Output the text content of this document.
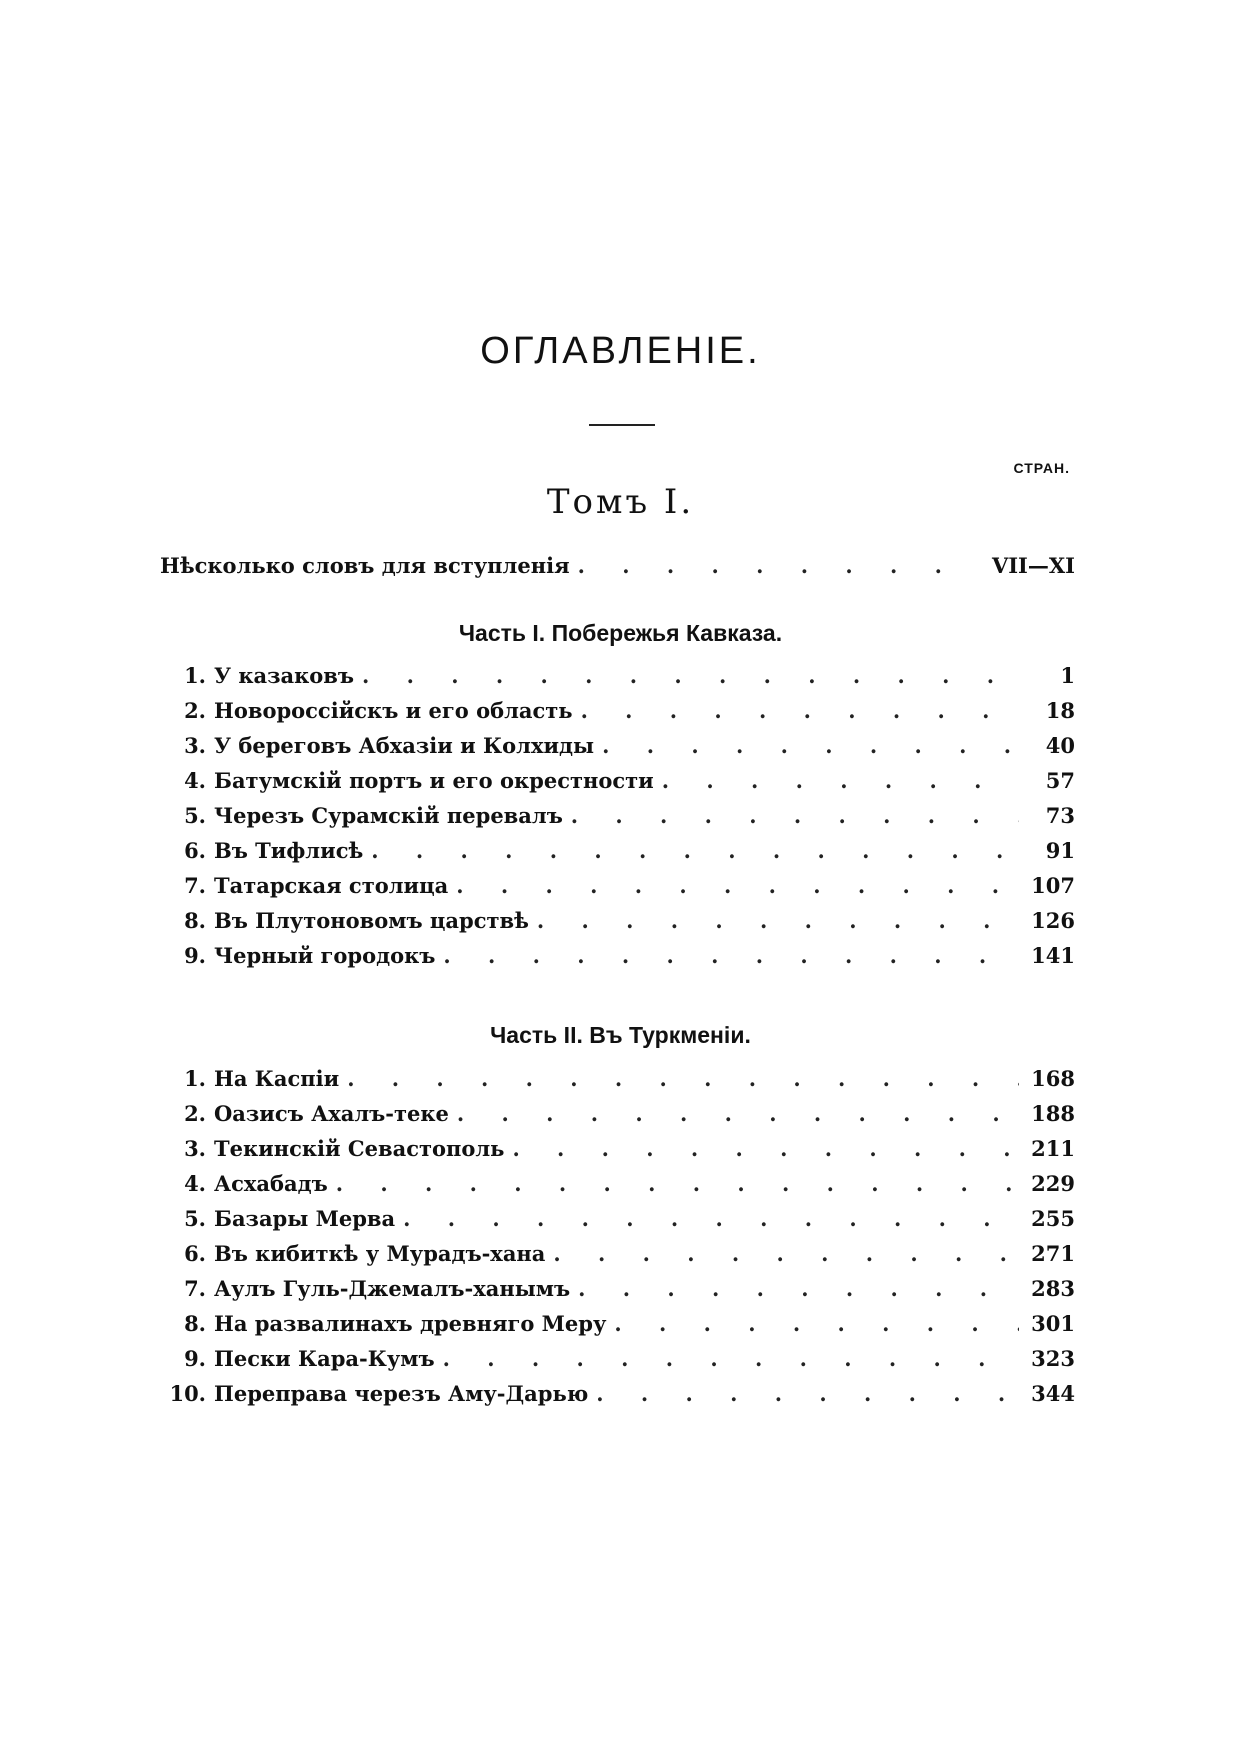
ОГЛАВЛЕНIЕ.
СТРАН.
Томъ I.
Нѣсколько словъ для вступленія . . .	VII—XI
Часть I. Побережья Кавказа.
1. У казаковъ . . .	1
2. Новороссійскъ и его область . . .	18
3. У береговъ Абхазіи и Колхиды . . .	40
4. Батумскій портъ и его окрестности . . .	57
5. Черезъ Сурамскій перевалъ . . .	73
6. Въ Тифлисѣ . . .	91
7. Татарская столица . . .	107
8. Въ Плутоновомъ царствѣ . . .	126
9. Черный городокъ . . .	141
Часть II. Въ Туркменіи.
1. На Каспіи . . .	168
2. Оазисъ Ахалъ-теке . . .	188
3. Текинскій Севастополь . . .	211
4. Асхабадъ . . .	229
5. Базары Мерва . . .	255
6. Въ кибиткѣ у Мурадъ-хана . . .	271
7. Аулъ Гуль-Джемалъ-ханымъ . . .	283
8. На развалинахъ древняго Меру . . .	301
9. Пески Кара-Кумъ . . .	323
10. Переправа черезъ Аму-Дарью . . .	344
